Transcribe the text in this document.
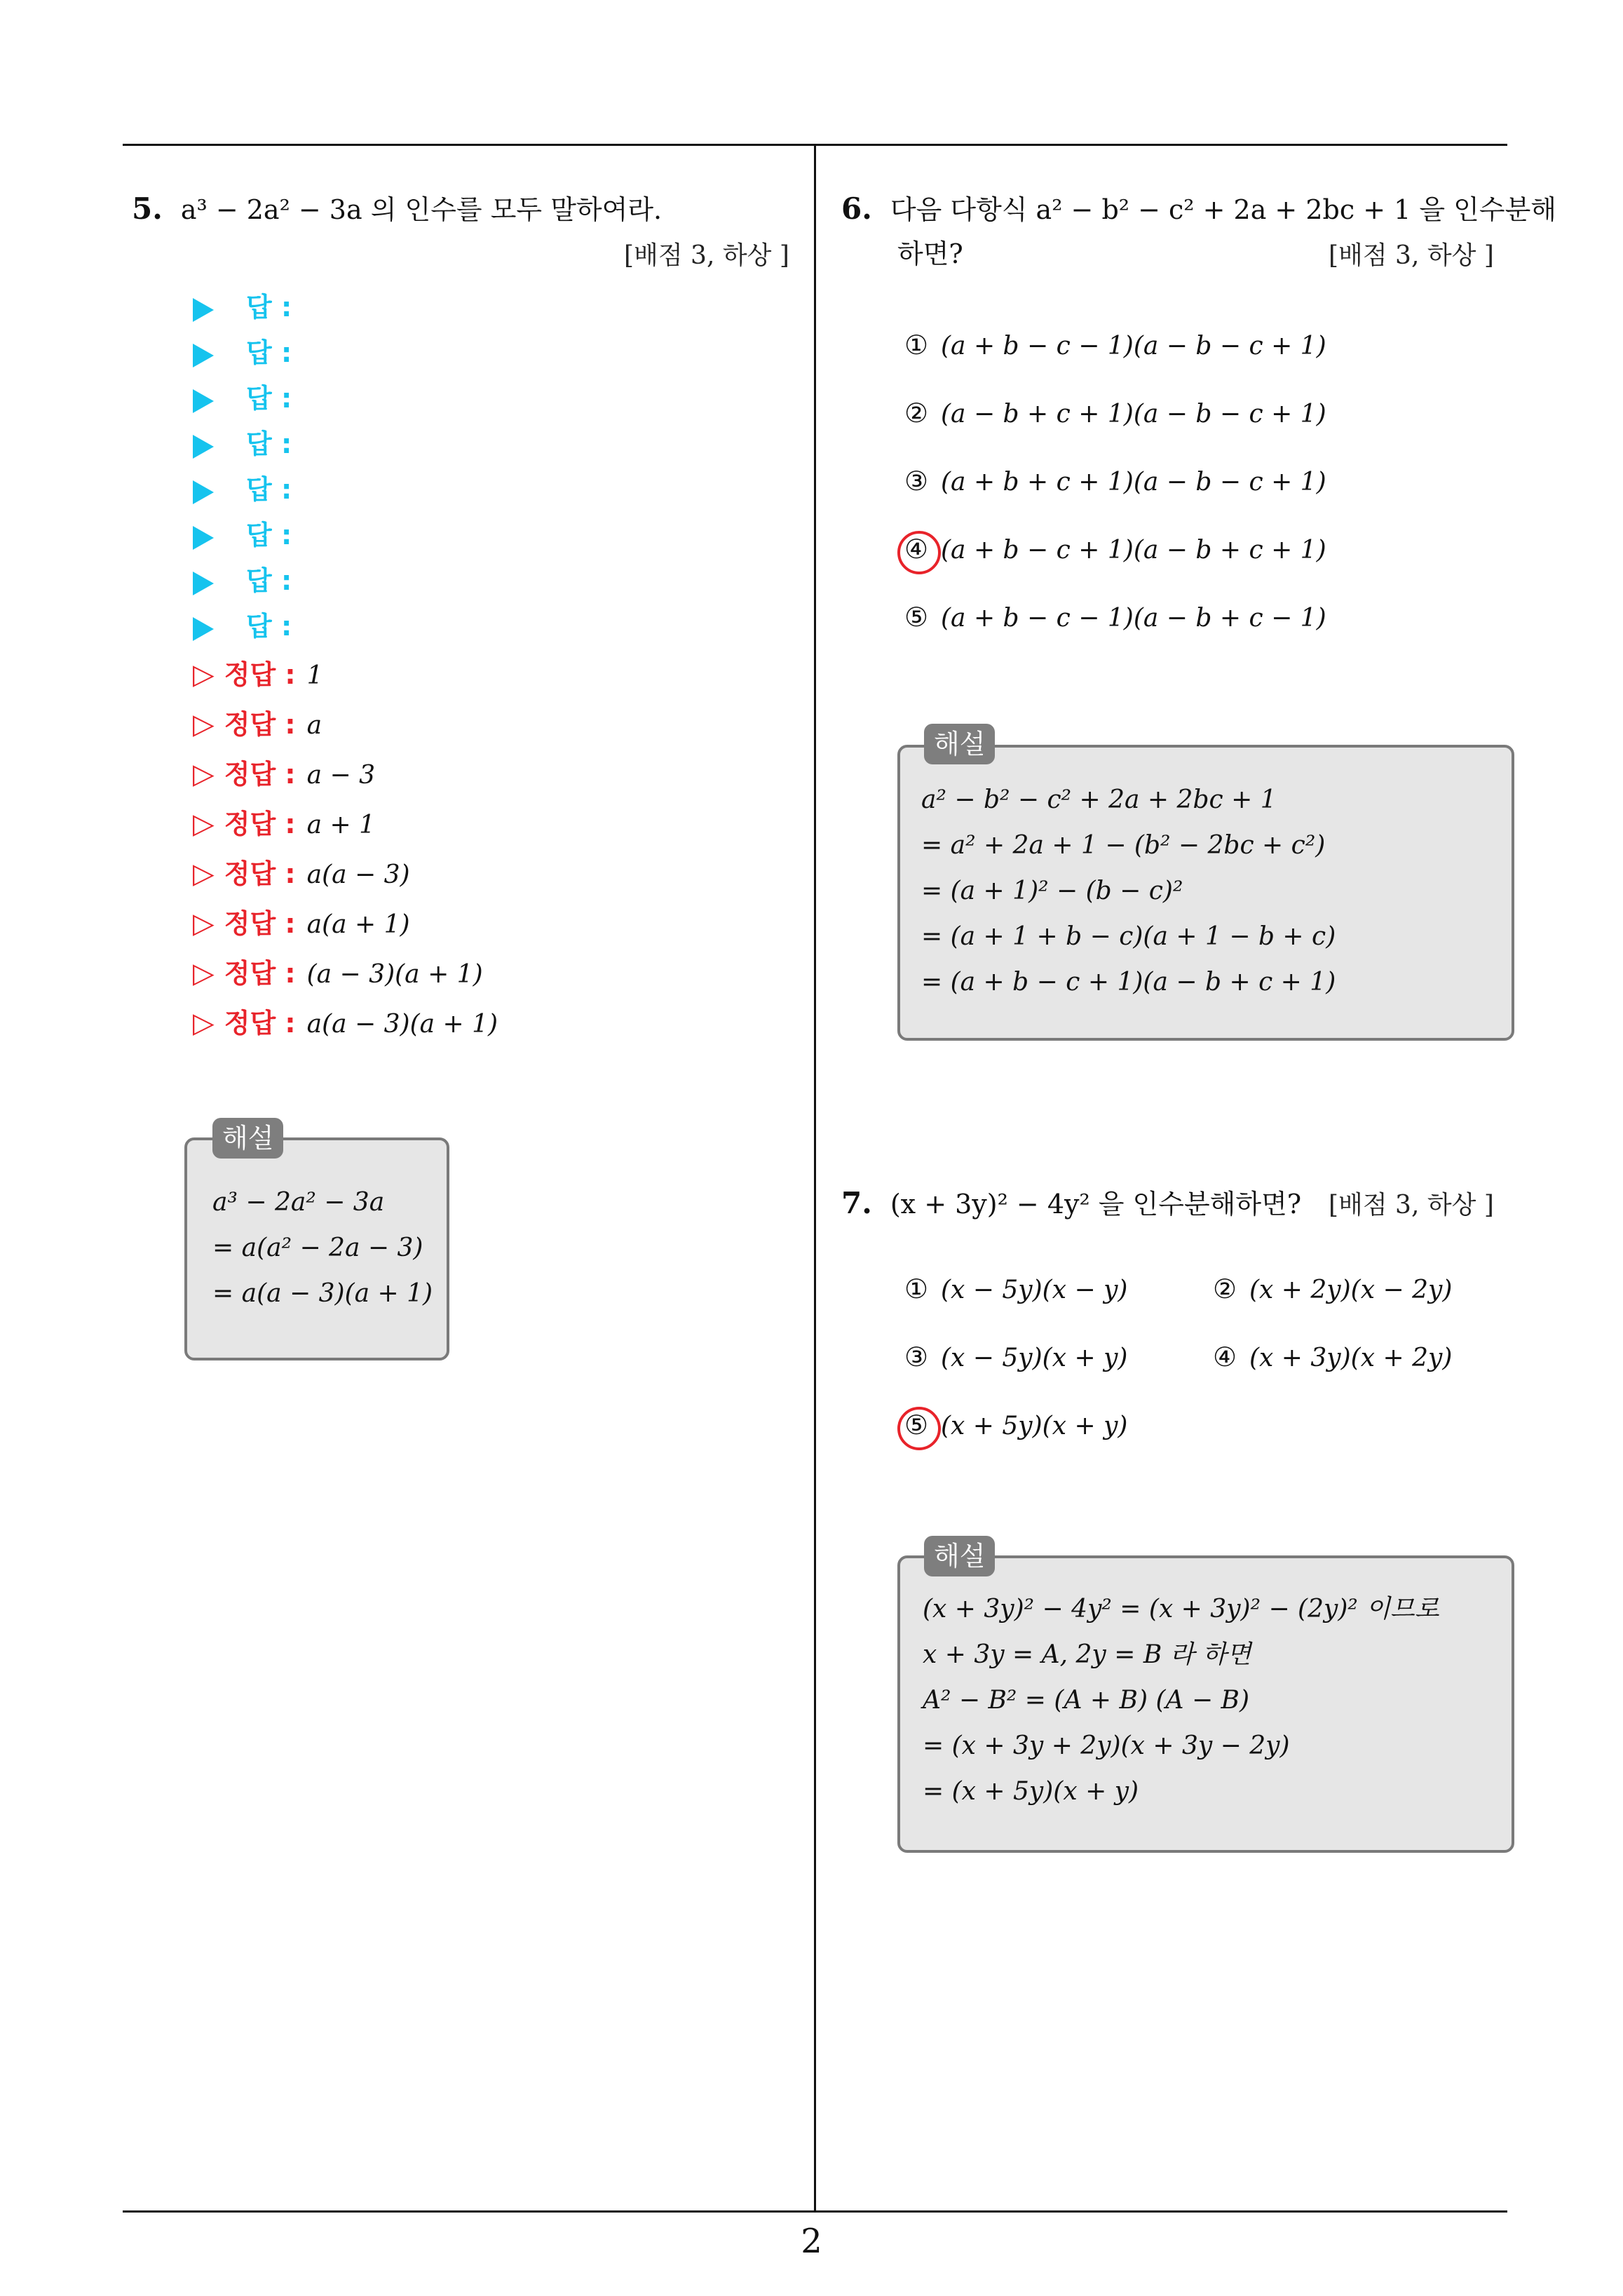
2
5. a³ − 2a² − 3a 의 인수를 모두 말하여라.
[배점 3, 하상 ]
답 :
답 :
답 :
답 :
답 :
답 :
답 :
답 :
▷ 정답 : 1
▷ 정답 : a
▷ 정답 : a − 3
▷ 정답 : a + 1
▷ 정답 : a(a − 3)
▷ 정답 : a(a + 1)
▷ 정답 : (a − 3)(a + 1)
▷ 정답 : a(a − 3)(a + 1)
a³ − 2a² − 3a
= a(a² − 2a − 3)
= a(a − 3)(a + 1)
해설
6. 다음 다항식 a² − b² − c² + 2a + 2bc + 1 을 인수분해
하면?	[배점 3, 하상 ]
① (a + b − c − 1)(a − b − c + 1)
② (a − b + c + 1)(a − b − c + 1)
③ (a + b + c + 1)(a − b − c + 1)
④ (a + b − c + 1)(a − b + c + 1)
⑤ (a + b − c − 1)(a − b + c − 1)
a² − b² − c² + 2a + 2bc + 1
= a² + 2a + 1 − (b² − 2bc + c²)
= (a + 1)² − (b − c)²
= (a + 1 + b − c)(a + 1 − b + c)
= (a + b − c + 1)(a − b + c + 1)
해설
7. (x + 3y)² − 4y² 을 인수분해하면? [배점 3, 하상 ]
① (x − 5y)(x − y)	② (x + 2y)(x − 2y)
③ (x − 5y)(x + y)	④ (x + 3y)(x + 2y)
⑤ (x + 5y)(x + y)
(x + 3y)² − 4y² = (x + 3y)² − (2y)² 이므로
x + 3y = A, 2y = B 라 하면
A² − B² = (A + B) (A − B)
= (x + 3y + 2y)(x + 3y − 2y)
= (x + 5y)(x + y)
해설
